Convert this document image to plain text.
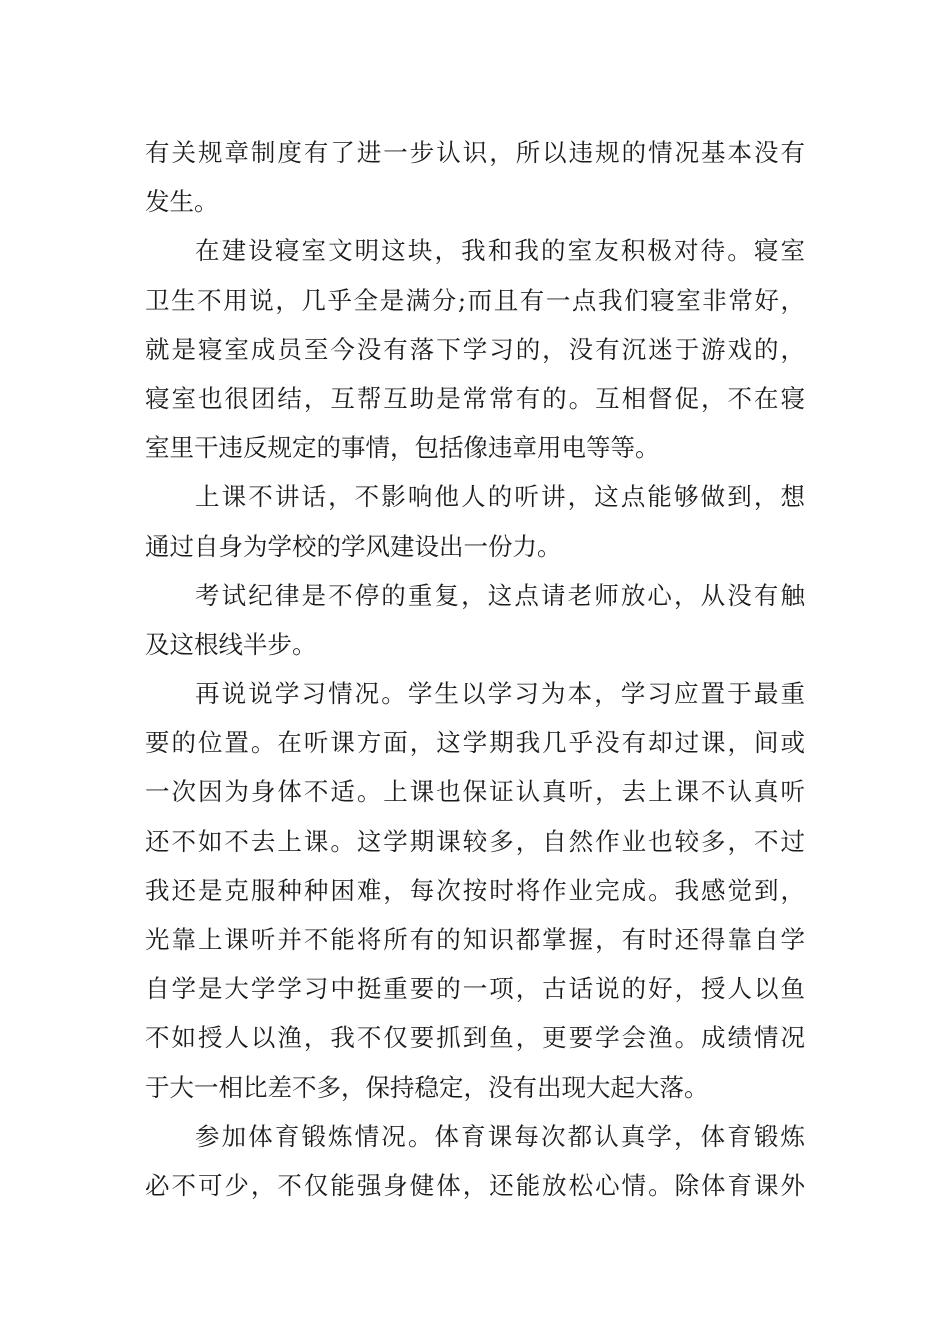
有关规章制度有了进一步认识，所以违规的情况基本没有
发生。
在建设寝室文明这块，我和我的室友积极对待。寝室
卫生不用说，几乎全是满分;而且有一点我们寝室非常好，
就是寝室成员至今没有落下学习的，没有沉迷于游戏的，
寝室也很团结，互帮互助是常常有的。互相督促，不在寝
室里干违反规定的事情，包括像违章用电等等。
上课不讲话，不影响他人的听讲，这点能够做到，想
通过自身为学校的学风建设出一份力。
考试纪律是不停的重复，这点请老师放心，从没有触
及这根线半步。
再说说学习情况。学生以学习为本，学习应置于最重
要的位置。在听课方面，这学期我几乎没有却过课，间或
一次因为身体不适。上课也保证认真听，去上课不认真听
还不如不去上课。这学期课较多，自然作业也较多，不过
我还是克服种种困难，每次按时将作业完成。我感觉到，
光靠上课听并不能将所有的知识都掌握，有时还得靠自学
自学是大学学习中挺重要的一项，古话说的好，授人以鱼
不如授人以渔，我不仅要抓到鱼，更要学会渔。成绩情况
于大一相比差不多，保持稳定，没有出现大起大落。
参加体育锻炼情况。体育课每次都认真学，体育锻炼
必不可少，不仅能强身健体，还能放松心情。除体育课外
